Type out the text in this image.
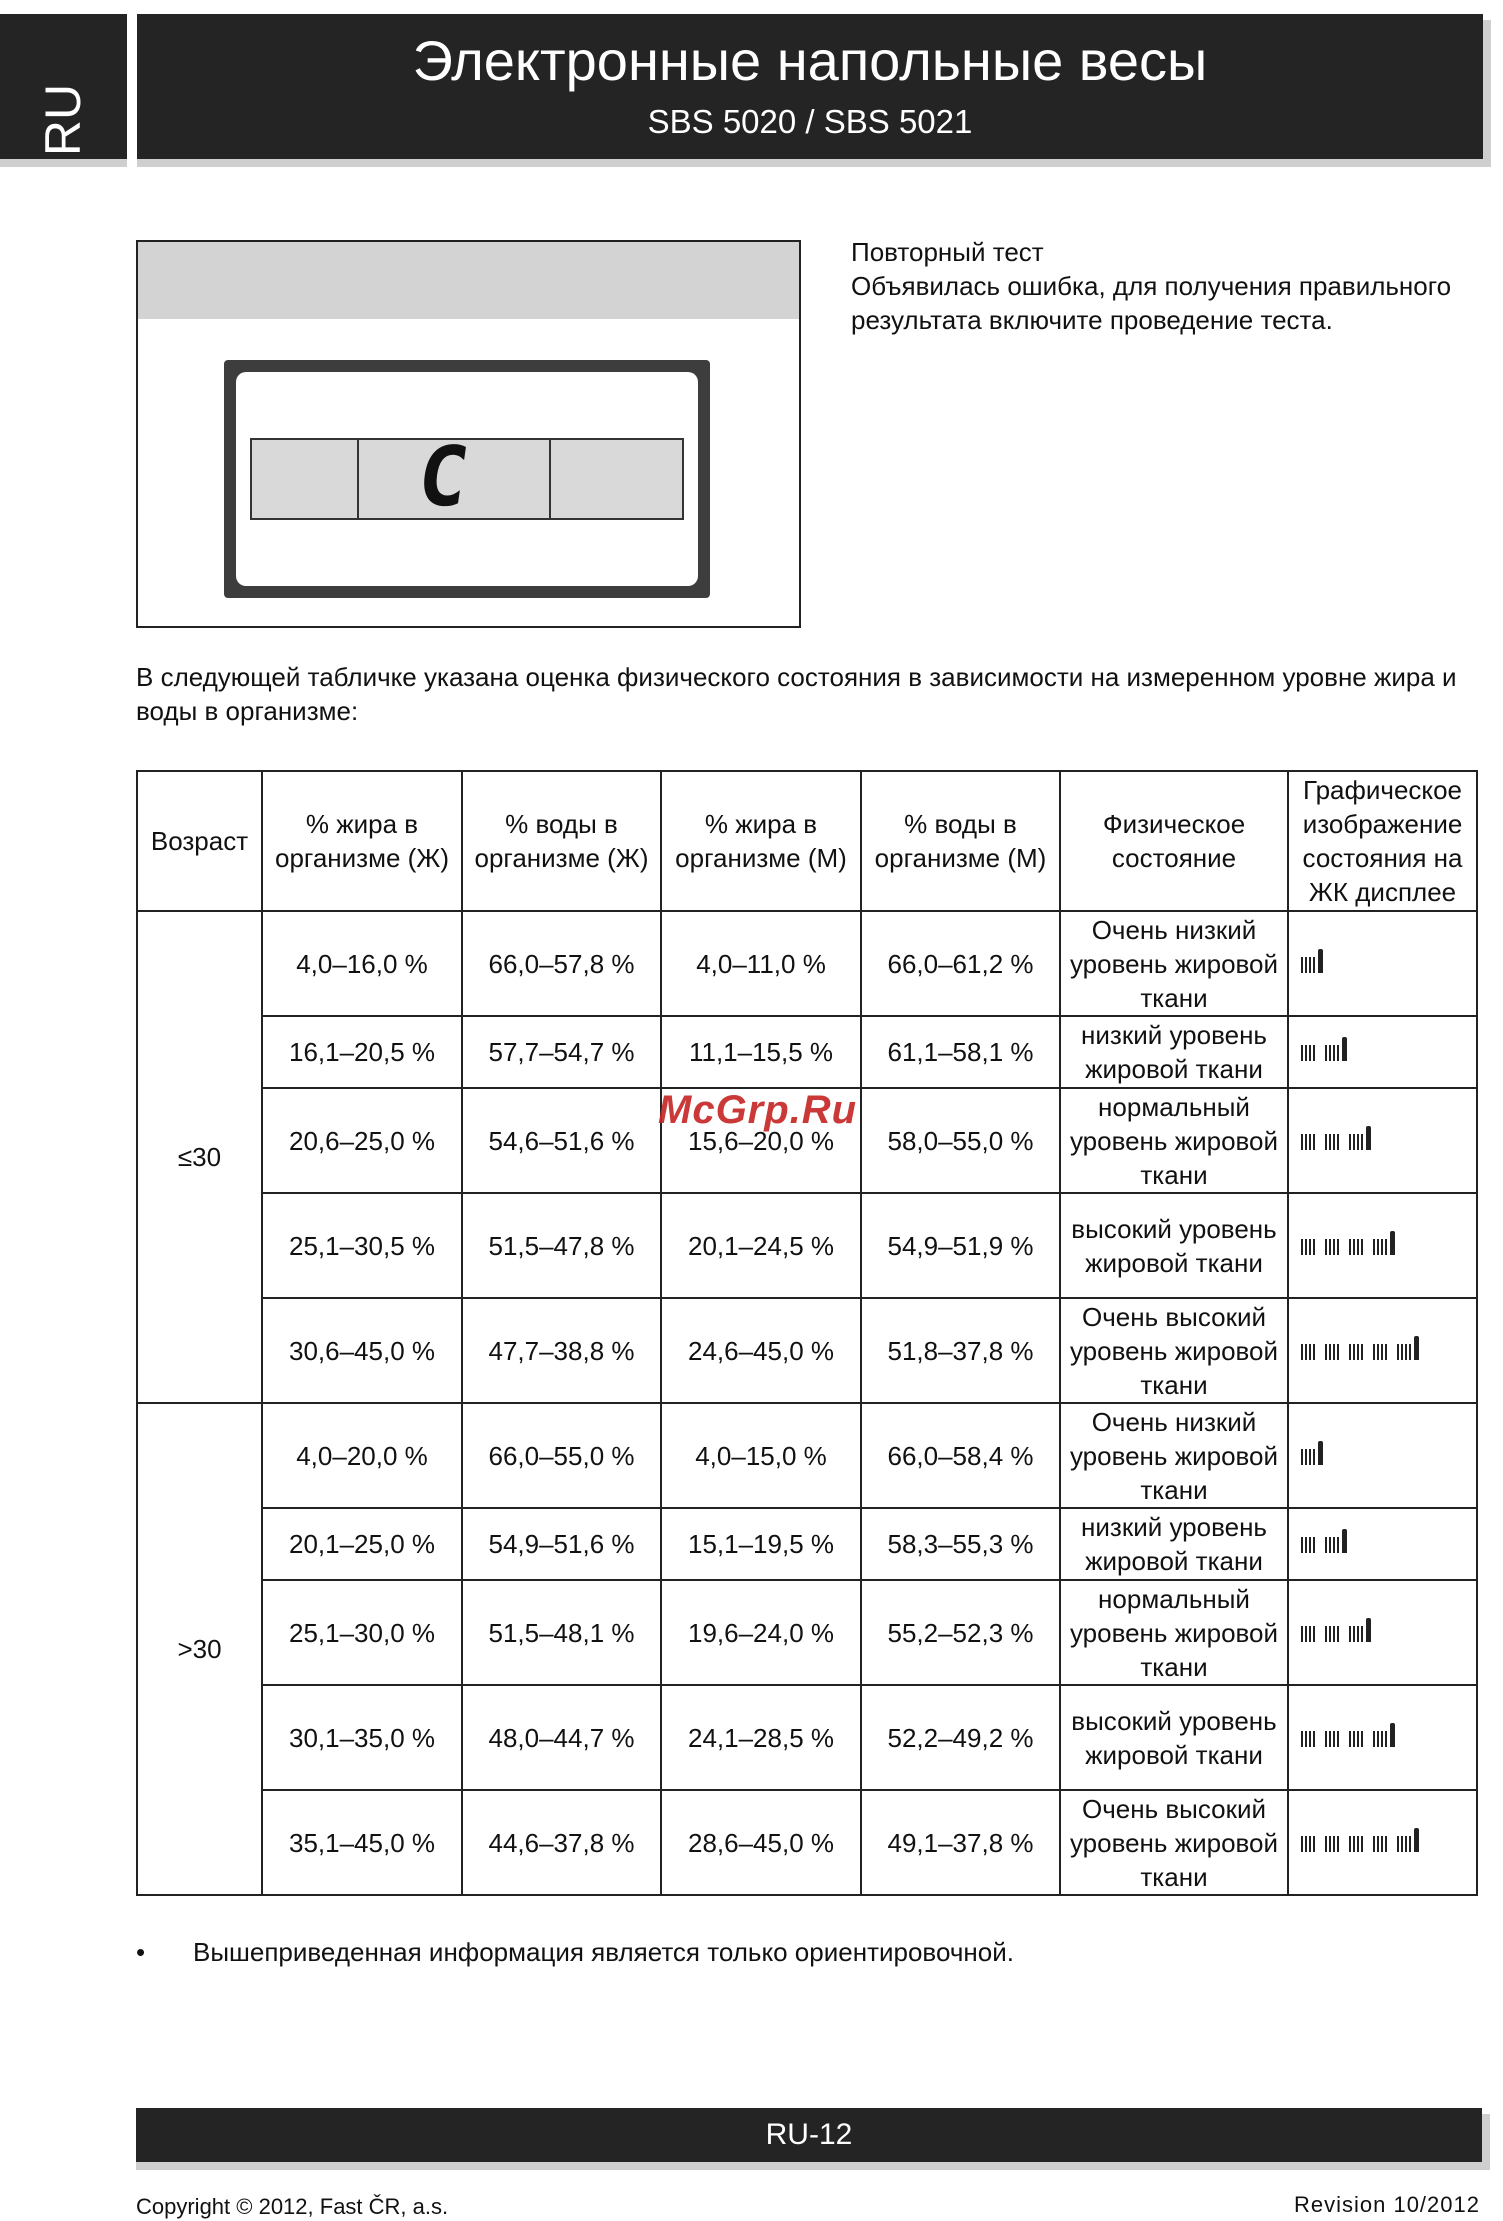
RU
Электронные напольные весы
SBS 5020 / SBS 5021
C
Повторный тест
Объявилась ошибка, для получения правильного результата включите проведение теста.
В следующей табличке указана оценка физического состояния в зависимости на измеренном уровне жира и воды в организме:
Возраст	% жира в организме (Ж)	% воды в организме (Ж)	% жира в организме (М)	% воды в организме (М)	Физическое состояние	Графическое изображение состояния на ЖК дисплее
≤30	4,0–16,0 %	66,0–57,8 %	4,0–11,0 %	66,0–61,2 %	Очень низкий уровень жировой ткани	

	16,1–20,5 %	57,7–54,7 %	11,1–15,5 %	61,1–58,1 %	низкий уровень жировой ткани	

	20,6–25,0 %	54,6–51,6 %	15,6–20,0 %	58,0–55,0 %	нормальный уровень жировой ткани	

	25,1–30,5 %	51,5–47,8 %	20,1–24,5 %	54,9–51,9 %	высокий уровень жировой ткани	

	30,6–45,0 %	47,7–38,8 %	24,6–45,0 %	51,8–37,8 %	Очень высокий уровень жировой ткани	

>30	4,0–20,0 %	66,0–55,0 %	4,0–15,0 %	66,0–58,4 %	Очень низкий уровень жировой ткани	

	20,1–25,0 %	54,9–51,6 %	15,1–19,5 %	58,3–55,3 %	низкий уровень жировой ткани	

	25,1–30,0 %	51,5–48,1 %	19,6–24,0 %	55,2–52,3 %	нормальный уровень жировой ткани	

	30,1–35,0 %	48,0–44,7 %	24,1–28,5 %	52,2–49,2 %	высокий уровень жировой ткани	

	35,1–45,0 %	44,6–37,8 %	28,6–45,0 %	49,1–37,8 %	Очень высокий уровень жировой ткани	
McGrp.Ru
• Вышеприведенная информация является только ориентировочной.
RU-12
Copyright © 2012, Fast ČR, a.s.	Revision 10/2012
